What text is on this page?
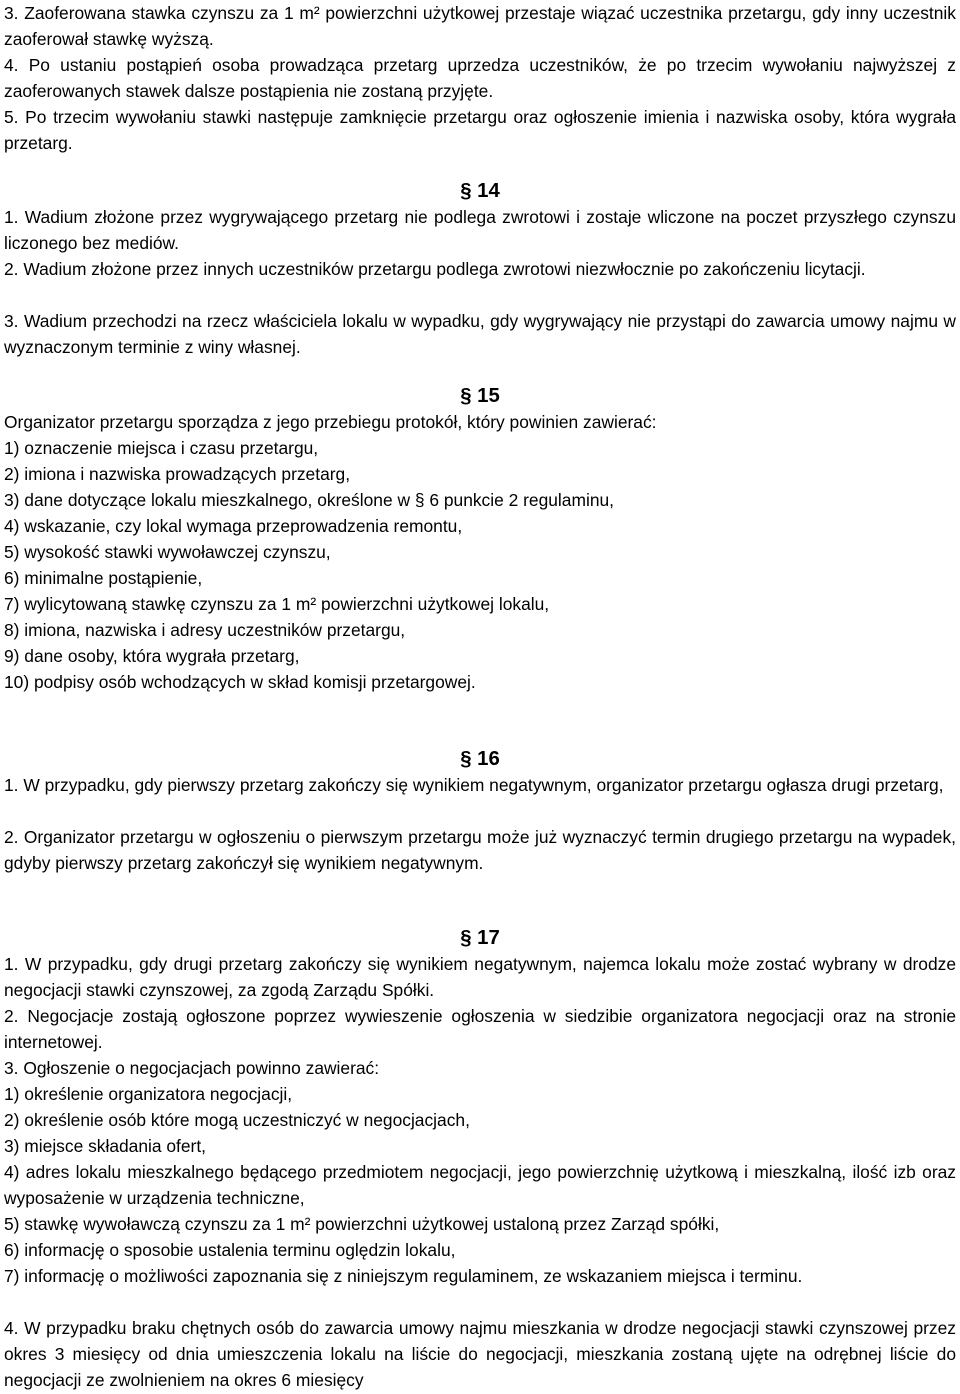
3. Zaoferowana stawka czynszu za 1 m² powierzchni użytkowej przestaje wiązać uczestnika przetargu, gdy inny uczestnik zaoferował stawkę wyższą.

4. Po ustaniu postąpień osoba prowadząca przetarg uprzedza uczestników, że po trzecim wywołaniu najwyższej z zaoferowanych stawek dalsze postąpienia nie zostaną przyjęte.

5. Po trzecim wywołaniu stawki następuje zamknięcie przetargu oraz ogłoszenie imienia i nazwiska osoby, która wygrała przetarg.

§ 14

1. Wadium złożone przez wygrywającego przetarg nie podlega zwrotowi i zostaje wliczone na poczet przyszłego czynszu liczonego bez mediów.

2. Wadium złożone przez innych uczestników przetargu podlega zwrotowi niezwłocznie po zakończeniu licytacji.

3. Wadium przechodzi na rzecz właściciela lokalu w wypadku, gdy wygrywający nie przystąpi do zawarcia umowy najmu w wyznaczonym terminie z winy własnej.

§ 15

Organizator przetargu sporządza z jego przebiegu protokół, który powinien zawierać:

1) oznaczenie miejsca i czasu przetargu,

2) imiona i nazwiska prowadzących przetarg,

3) dane dotyczące lokalu mieszkalnego, określone w § 6 punkcie 2 regulaminu,

4) wskazanie, czy lokal wymaga przeprowadzenia remontu,

5) wysokość stawki wywoławczej czynszu,

6) minimalne postąpienie,

7) wylicytowaną stawkę czynszu za 1 m² powierzchni użytkowej lokalu,

8) imiona, nazwiska i adresy uczestników przetargu,

9) dane osoby, która wygrała przetarg,

10) podpisy osób wchodzących w skład komisji przetargowej.

§ 16

1. W przypadku, gdy pierwszy przetarg zakończy się wynikiem negatywnym, organizator przetargu ogłasza drugi przetarg,

2. Organizator przetargu w ogłoszeniu o pierwszym przetargu może już wyznaczyć termin drugiego przetargu na wypadek, gdyby pierwszy przetarg zakończył się wynikiem negatywnym.

§ 17

1. W przypadku, gdy drugi przetarg zakończy się wynikiem negatywnym, najemca lokalu może zostać wybrany w drodze negocjacji stawki czynszowej, za zgodą Zarządu Spółki.

2. Negocjacje zostają ogłoszone poprzez wywieszenie ogłoszenia w siedzibie organizatora negocjacji oraz na stronie internetowej.

3. Ogłoszenie o negocjacjach powinno zawierać:

1) określenie organizatora negocjacji,

2) określenie osób które mogą uczestniczyć w negocjacjach,

3) miejsce składania ofert,

4) adres lokalu mieszkalnego będącego przedmiotem negocjacji, jego powierzchnię użytkową i mieszkalną, ilość izb oraz wyposażenie w urządzenia techniczne,

5) stawkę wywoławczą czynszu za 1 m² powierzchni użytkowej ustaloną przez Zarząd spółki,

6) informację o sposobie ustalenia terminu oględzin lokalu,

7) informację o możliwości zapoznania się z niniejszym regulaminem, ze wskazaniem miejsca i terminu.

4. W przypadku braku chętnych osób do zawarcia umowy najmu mieszkania w drodze negocjacji stawki czynszowej przez okres 3 miesięcy od dnia umieszczenia lokalu na liście do negocjacji, mieszkania zostaną ujęte na odrębnej liście do negocjacji ze zwolnieniem na okres 6 miesięcy
